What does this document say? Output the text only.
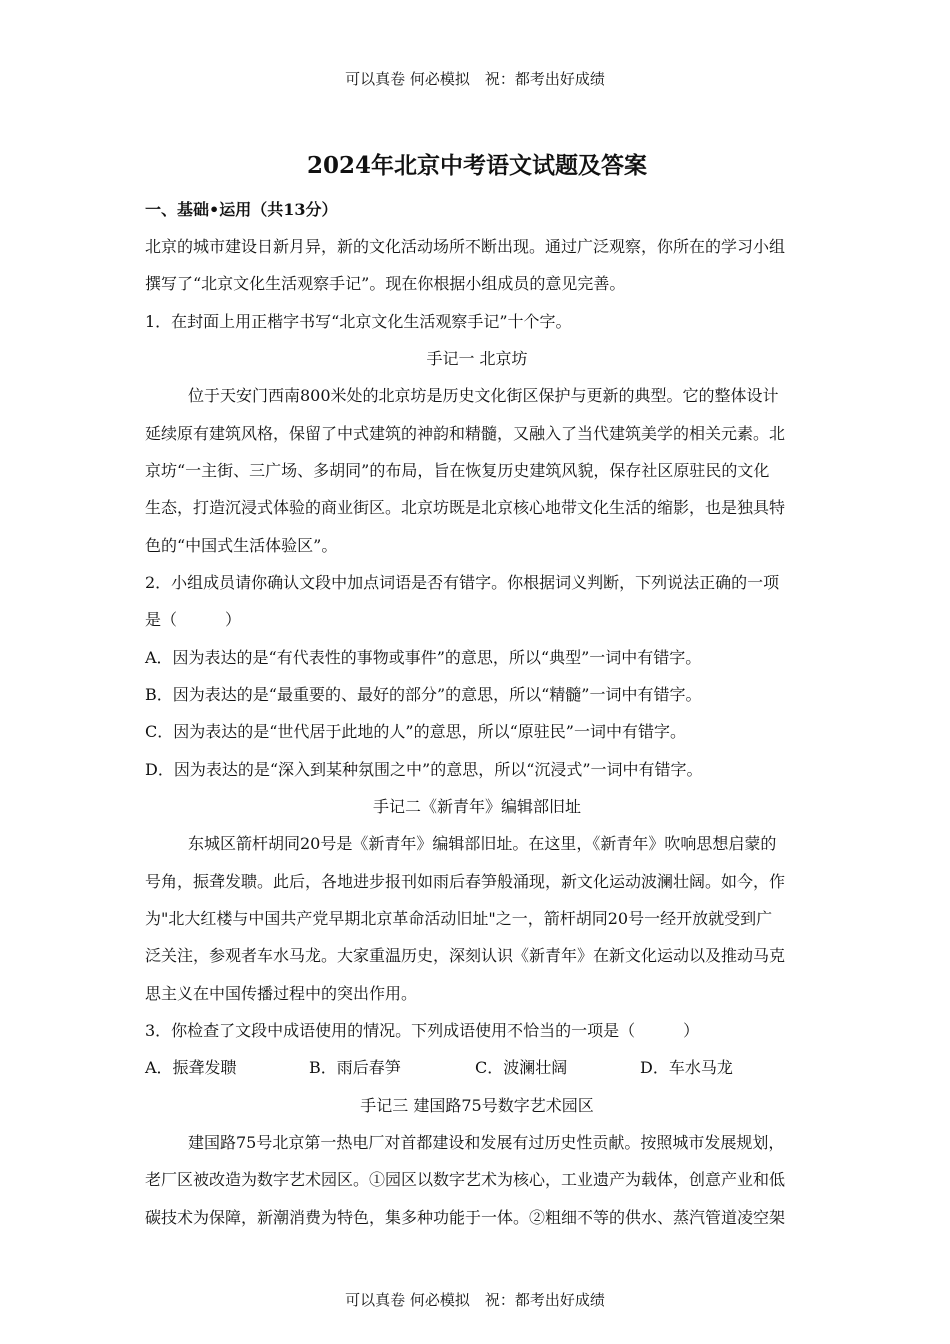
可以真卷 何必模拟　祝：都考出好成绩
2024年北京中考语文试题及答案
一、基础•运用（共13分）
北京的城市建设日新月异，新的文化活动场所不断出现。通过广泛观察，你所在的学习小组
撰写了“北京文化生活观察手记”。现在你根据小组成员的意见完善。
1．在封面上用正楷字书写“北京文化生活观察手记”十个字。
手记一 北京坊
位于天安门西南800米处的北京坊是历史文化街区保护与更新的典型。它的整体设计
延续原有建筑风格，保留了中式建筑的神韵和精髓，又融入了当代建筑美学的相关元素。北
京坊“一主街、三广场、多胡同”的布局，旨在恢复历史建筑风貌，保存社区原驻民的文化
生态，打造沉浸式体验的商业街区。北京坊既是北京核心地带文化生活的缩影，也是独具特
色的“中国式生活体验区”。
2．小组成员请你确认文段中加点词语是否有错字。你根据词义判断，下列说法正确的一项
是（　　　）
A．因为表达的是“有代表性的事物或事件”的意思，所以“典型”一词中有错字。
B．因为表达的是“最重要的、最好的部分”的意思，所以“精髓”一词中有错字。
C．因为表达的是“世代居于此地的人”的意思，所以“原驻民”一词中有错字。
D．因为表达的是“深入到某种氛围之中”的意思，所以“沉浸式”一词中有错字。
手记二《新青年》编辑部旧址
东城区箭杆胡同20号是《新青年》编辑部旧址。在这里，《新青年》吹响思想启蒙的
号角，振聋发聩。此后，各地进步报刊如雨后春笋般涌现，新文化运动波澜壮阔。如今，作
为"北大红楼与中国共产党早期北京革命活动旧址"之一，箭杆胡同20号一经开放就受到广
泛关注，参观者车水马龙。大家重温历史，深刻认识《新青年》在新文化运动以及推动马克
思主义在中国传播过程中的突出作用。
3．你检查了文段中成语使用的情况。下列成语使用不恰当的一项是（　　　）
A．振聋发聩	B．雨后春笋	C．波澜壮阔	D．车水马龙
手记三 建国路75号数字艺术园区
建国路75号北京第一热电厂对首都建设和发展有过历史性贡献。按照城市发展规划，
老厂区被改造为数字艺术园区。①园区以数字艺术为核心，工业遗产为载体，创意产业和低
碳技术为保障，新潮消费为特色，集多种功能于一体。②粗细不等的供水、蒸汽管道凌空架
可以真卷 何必模拟　祝：都考出好成绩
